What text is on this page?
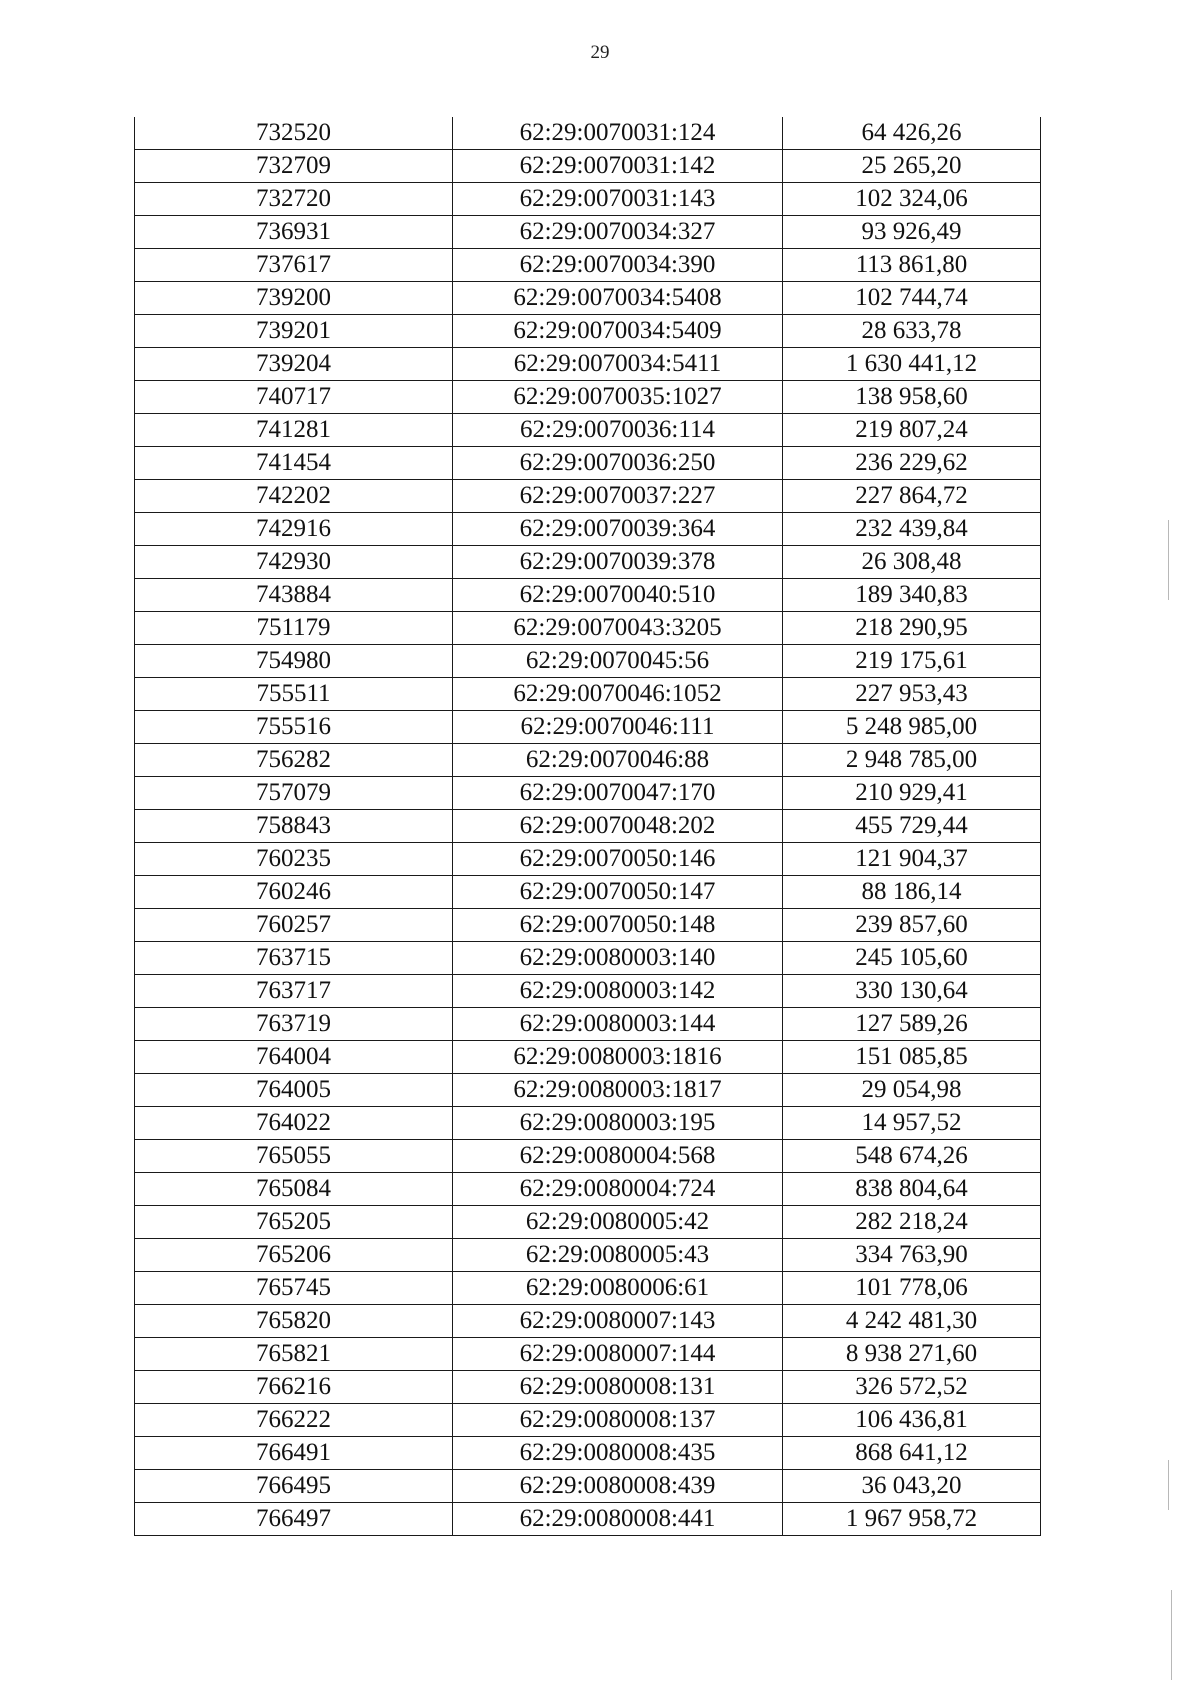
29
732520	62:29:0070031:124	64 426,26
732709	62:29:0070031:142	25 265,20
732720	62:29:0070031:143	102 324,06
736931	62:29:0070034:327	93 926,49
737617	62:29:0070034:390	113 861,80
739200	62:29:0070034:5408	102 744,74
739201	62:29:0070034:5409	28 633,78
739204	62:29:0070034:5411	1 630 441,12
740717	62:29:0070035:1027	138 958,60
741281	62:29:0070036:114	219 807,24
741454	62:29:0070036:250	236 229,62
742202	62:29:0070037:227	227 864,72
742916	62:29:0070039:364	232 439,84
742930	62:29:0070039:378	26 308,48
743884	62:29:0070040:510	189 340,83
751179	62:29:0070043:3205	218 290,95
754980	62:29:0070045:56	219 175,61
755511	62:29:0070046:1052	227 953,43
755516	62:29:0070046:111	5 248 985,00
756282	62:29:0070046:88	2 948 785,00
757079	62:29:0070047:170	210 929,41
758843	62:29:0070048:202	455 729,44
760235	62:29:0070050:146	121 904,37
760246	62:29:0070050:147	88 186,14
760257	62:29:0070050:148	239 857,60
763715	62:29:0080003:140	245 105,60
763717	62:29:0080003:142	330 130,64
763719	62:29:0080003:144	127 589,26
764004	62:29:0080003:1816	151 085,85
764005	62:29:0080003:1817	29 054,98
764022	62:29:0080003:195	14 957,52
765055	62:29:0080004:568	548 674,26
765084	62:29:0080004:724	838 804,64
765205	62:29:0080005:42	282 218,24
765206	62:29:0080005:43	334 763,90
765745	62:29:0080006:61	101 778,06
765820	62:29:0080007:143	4 242 481,30
765821	62:29:0080007:144	8 938 271,60
766216	62:29:0080008:131	326 572,52
766222	62:29:0080008:137	106 436,81
766491	62:29:0080008:435	868 641,12
766495	62:29:0080008:439	36 043,20
766497	62:29:0080008:441	1 967 958,72
